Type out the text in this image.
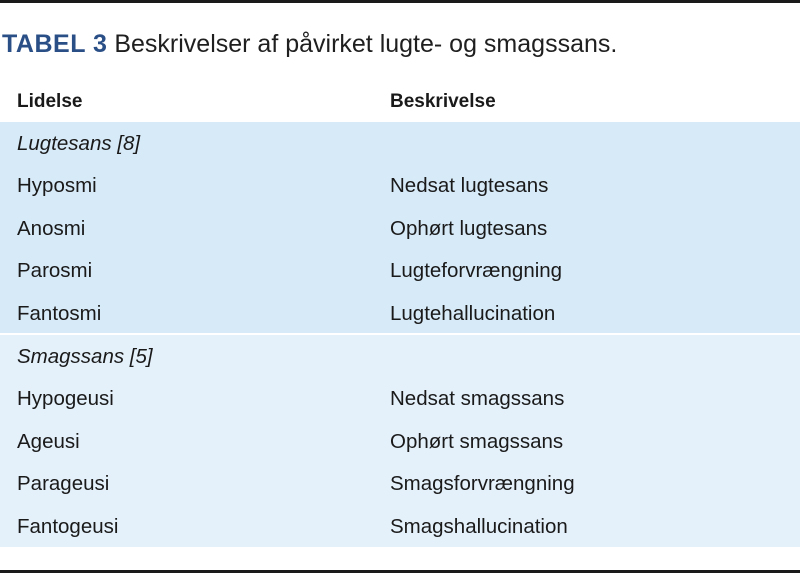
TABEL 3 Beskrivelser af påvirket lugte- og smagssans.
Lidelse	Beskrivelse
Lugtesans [8]
Hyposmi	Nedsat lugtesans
Anosmi	Ophørt lugtesans
Parosmi	Lugteforvrængning
Fantosmi	Lugtehallucination
Smagssans [5]
Hypogeusi	Nedsat smagssans
Ageusi	Ophørt smagssans
Parageusi	Smagsforvrængning
Fantogeusi	Smagshallucination
